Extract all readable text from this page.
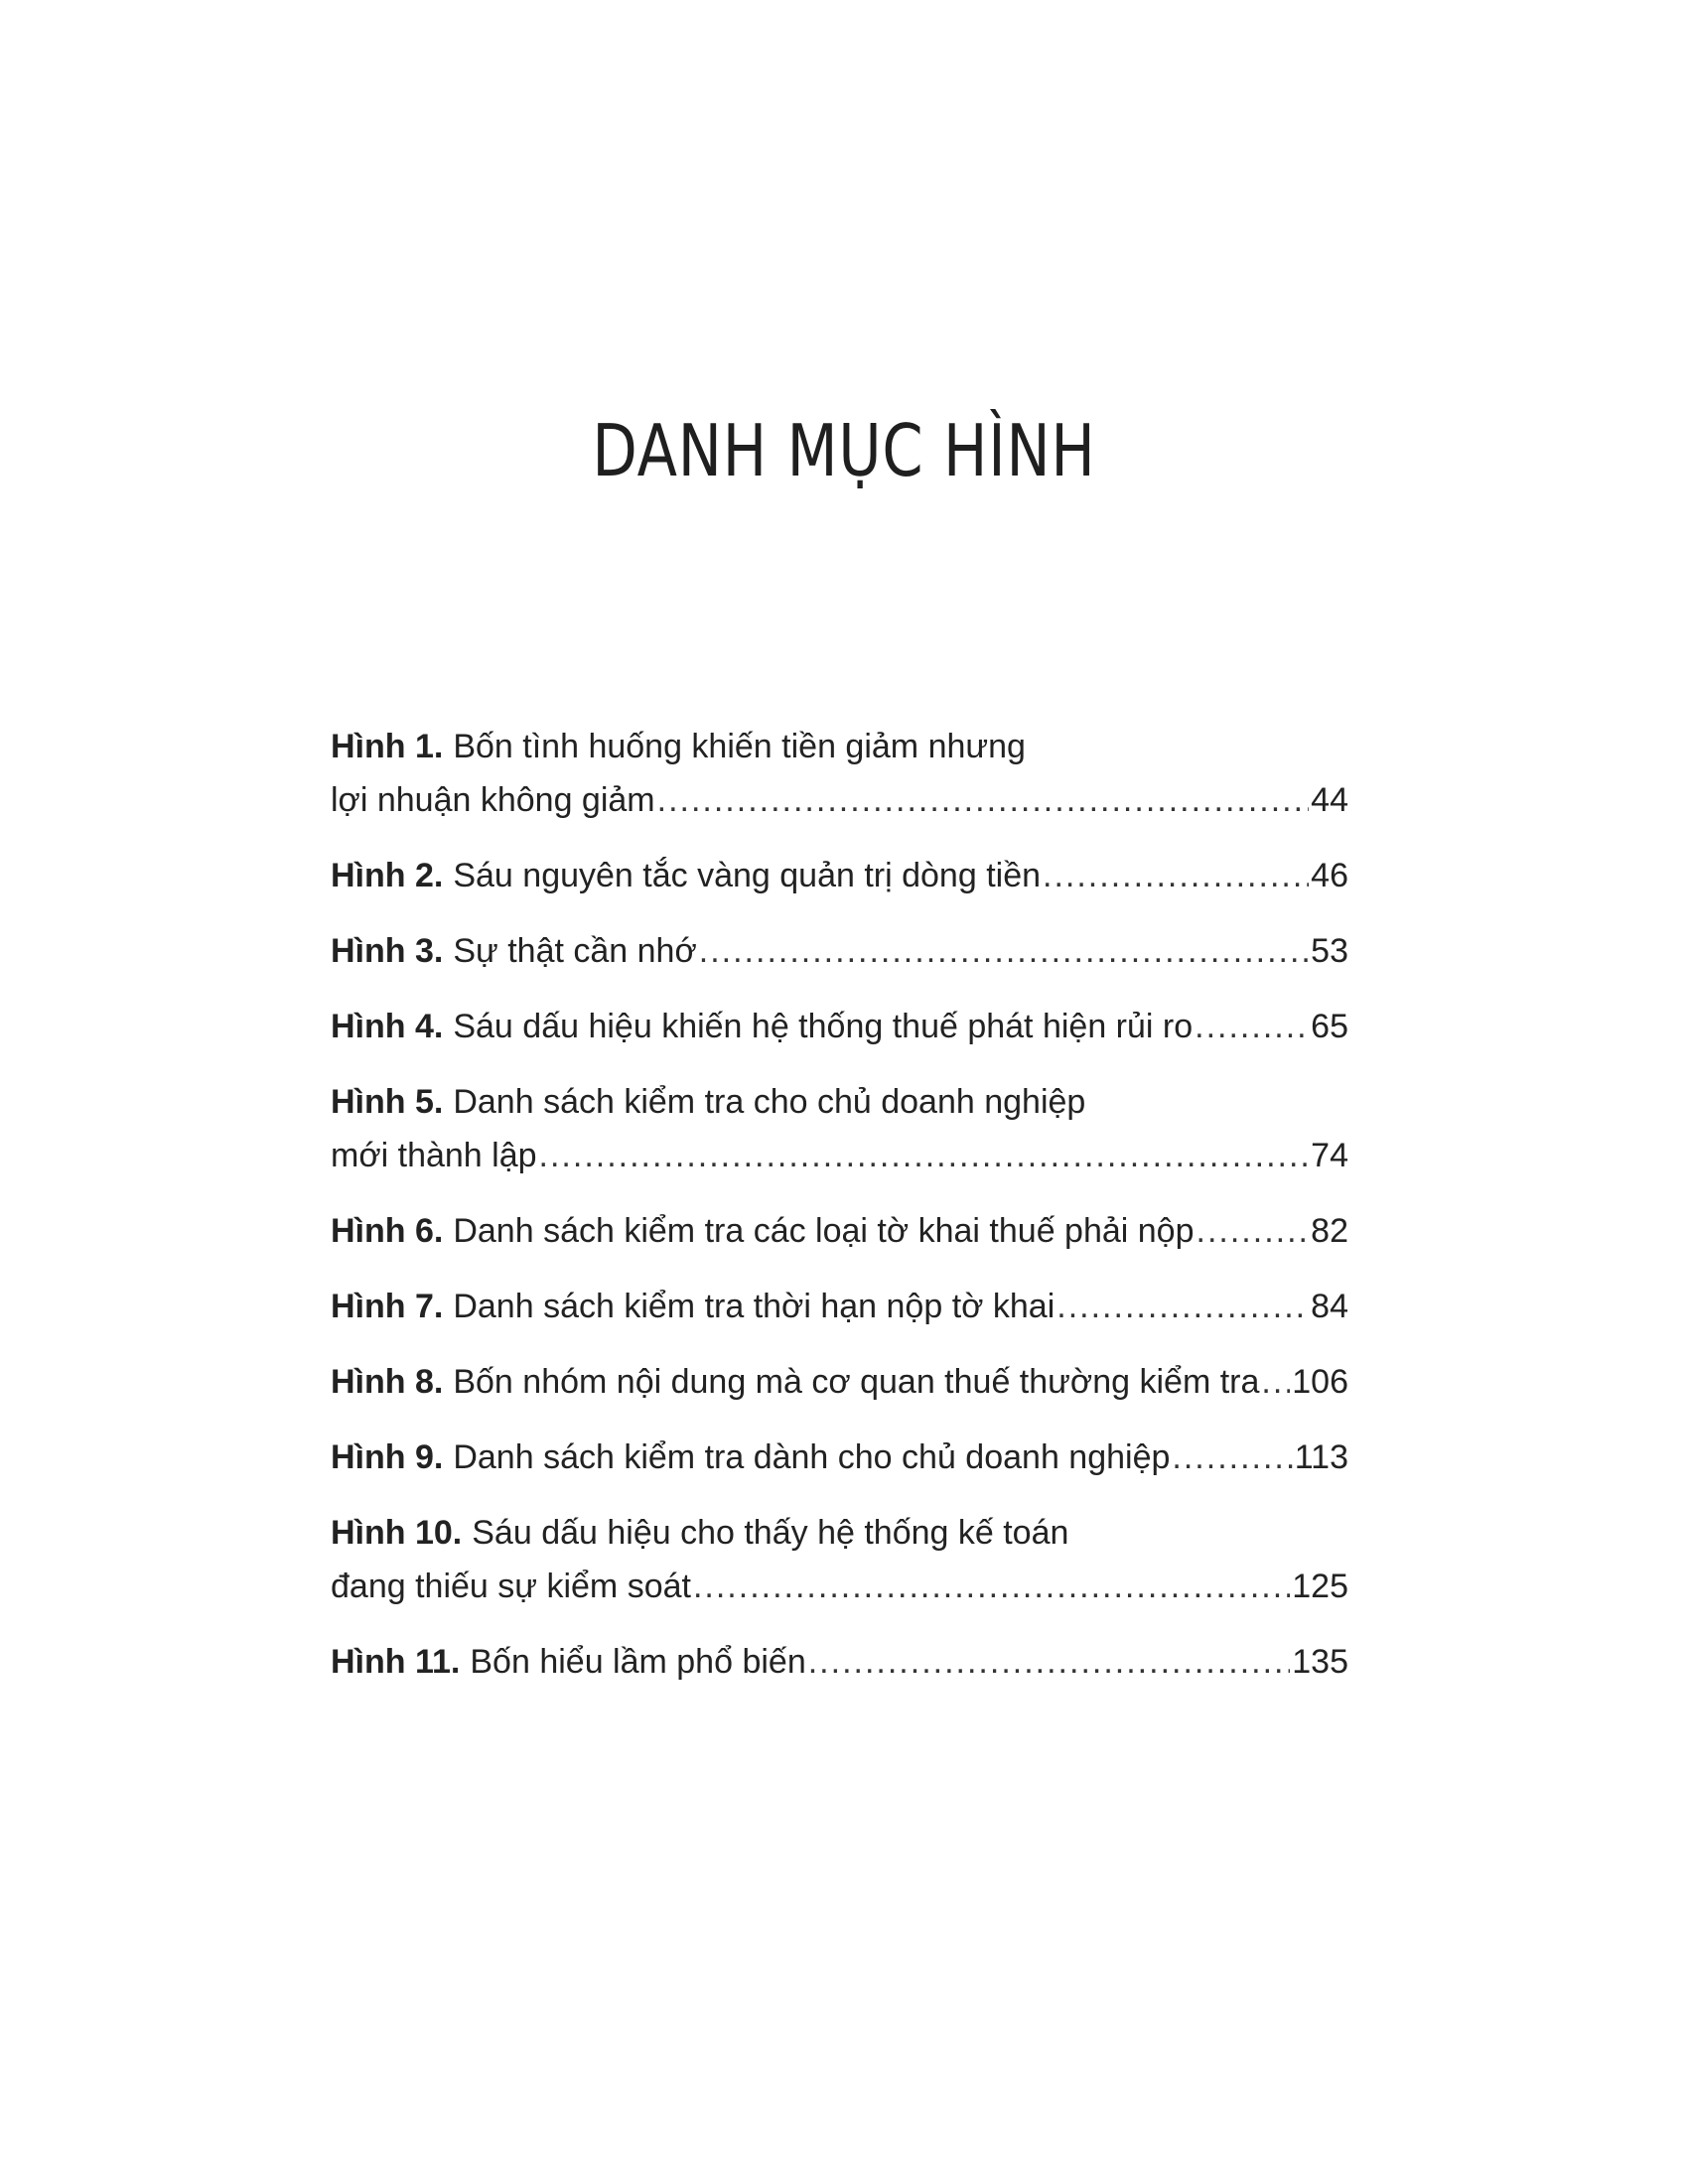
DANH MỤC HÌNH
Hình 1. Bốn tình huống khiến tiền giảm nhưng
lợi nhuận không giảm .....	44
Hình 2. Sáu nguyên tắc vàng quản trị dòng tiền .....	46
Hình 3. Sự thật cần nhớ .....	53
Hình 4. Sáu dấu hiệu khiến hệ thống thuế phát hiện rủi ro .....	65
Hình 5. Danh sách kiểm tra cho chủ doanh nghiệp
mới thành lập .....	74
Hình 6. Danh sách kiểm tra các loại tờ khai thuế phải nộp .....	82
Hình 7. Danh sách kiểm tra thời hạn nộp tờ khai .....	84
Hình 8. Bốn nhóm nội dung mà cơ quan thuế thường kiểm tra ..... 106
Hình 9. Danh sách kiểm tra dành cho chủ doanh nghiệp .....	113
Hình 10. Sáu dấu hiệu cho thấy hệ thống kế toán
đang thiếu sự kiểm soát .....	125
Hình 11. Bốn hiểu lầm phổ biến .....	135
